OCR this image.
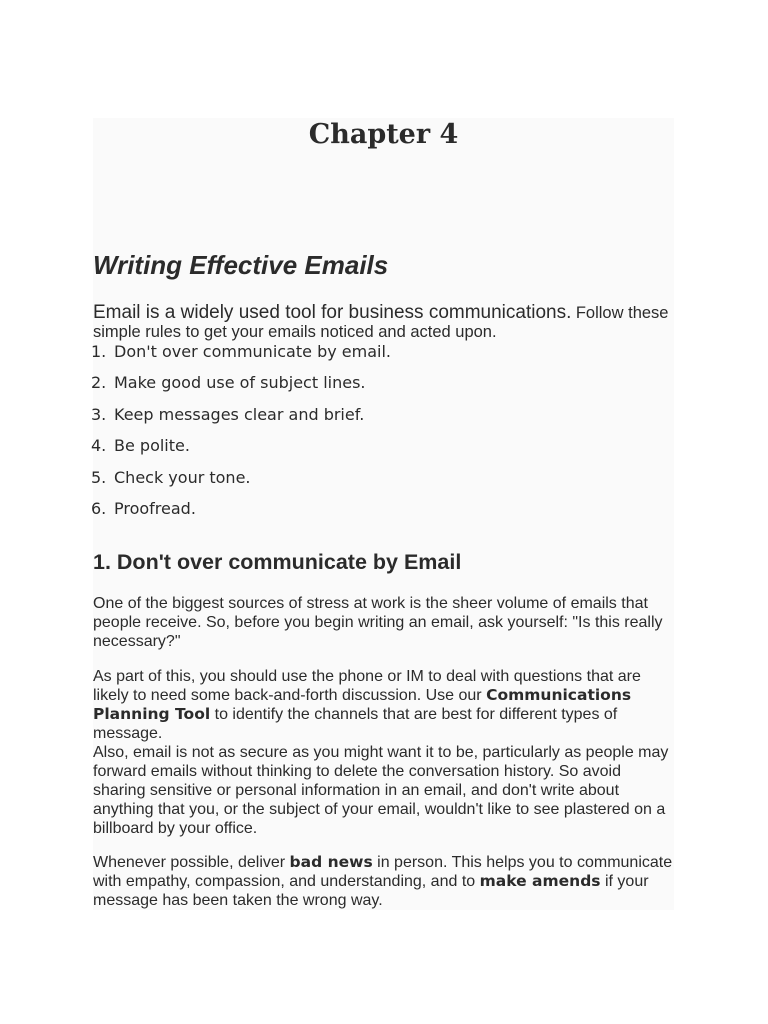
Chapter 4
Writing Effective Emails

Email is a widely used tool for business communications. Follow these simple rules to get your emails noticed and acted upon.

1. Don't over communicate by email.
2. Make good use of subject lines.
3. Keep messages clear and brief.
4. Be polite.
5. Check your tone.
6. Proofread.
1. Don't over communicate by Email

One of the biggest sources of stress at work is the sheer volume of emails that people receive. So, before you begin writing an email, ask yourself: "Is this really necessary?"

As part of this, you should use the phone or IM to deal with questions that are likely to need some back-and-forth discussion. Use our Communications Planning Tool to identify the channels that are best for different types of message.
Also, email is not as secure as you might want it to be, particularly as people may forward emails without thinking to delete the conversation history. So avoid sharing sensitive or personal information in an email, and don't write about anything that you, or the subject of your email, wouldn't like to see plastered on a billboard by your office.

Whenever possible, deliver bad news in person. This helps you to communicate with empathy, compassion, and understanding, and to make amends if your message has been taken the wrong way.
